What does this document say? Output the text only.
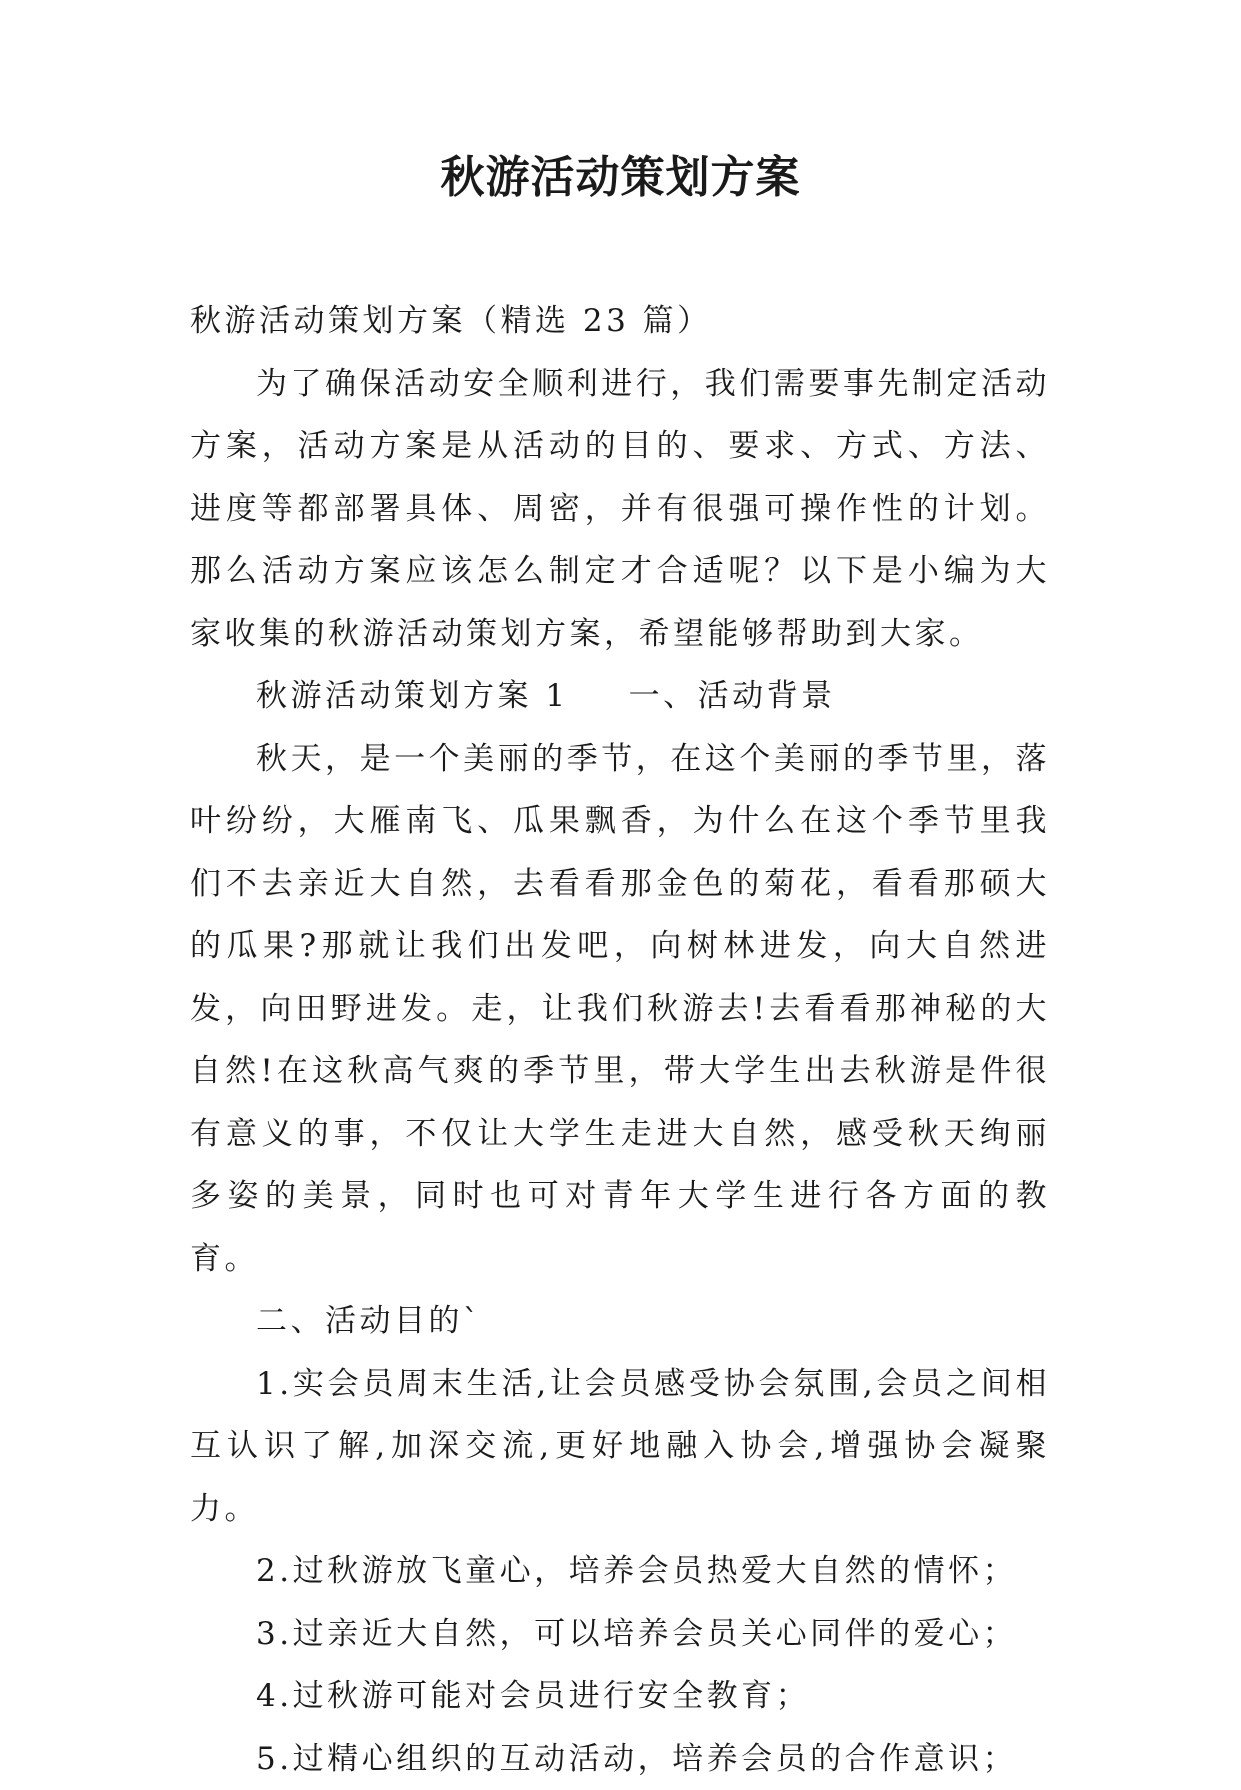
秋游活动策划方案

秋游活动策划方案（精选 23 篇）

为了确保活动安全顺利进行，我们需要事先制定活动方案，活动方案是从活动的目的、要求、方式、方法、进度等都部署具体、周密，并有很强可操作性的计划。那么活动方案应该怎么制定才合适呢？以下是小编为大家收集的秋游活动策划方案，希望能够帮助到大家。

秋游活动策划方案 1 一、活动背景

秋天，是一个美丽的季节，在这个美丽的季节里，落叶纷纷，大雁南飞、瓜果飘香，为什么在这个季节里我们不去亲近大自然，去看看那金色的菊花，看看那硕大的瓜果?那就让我们出发吧，向树林进发，向大自然进发，向田野进发。走，让我们秋游去!去看看那神秘的大自然!在这秋高气爽的季节里，带大学生出去秋游是件很有意义的事，不仅让大学生走进大自然，感受秋天绚丽多姿的美景，同时也可对青年大学生进行各方面的教育。

二、活动目的`

1.实会员周末生活,让会员感受协会氛围,会员之间相互认识了解,加深交流,更好地融入协会,增强协会凝聚力。

2.过秋游放飞童心，培养会员热爱大自然的情怀；

3.过亲近大自然，可以培养会员关心同伴的爱心；

4.过秋游可能对会员进行安全教育；

5.过精心组织的互动活动，培养会员的合作意识；
